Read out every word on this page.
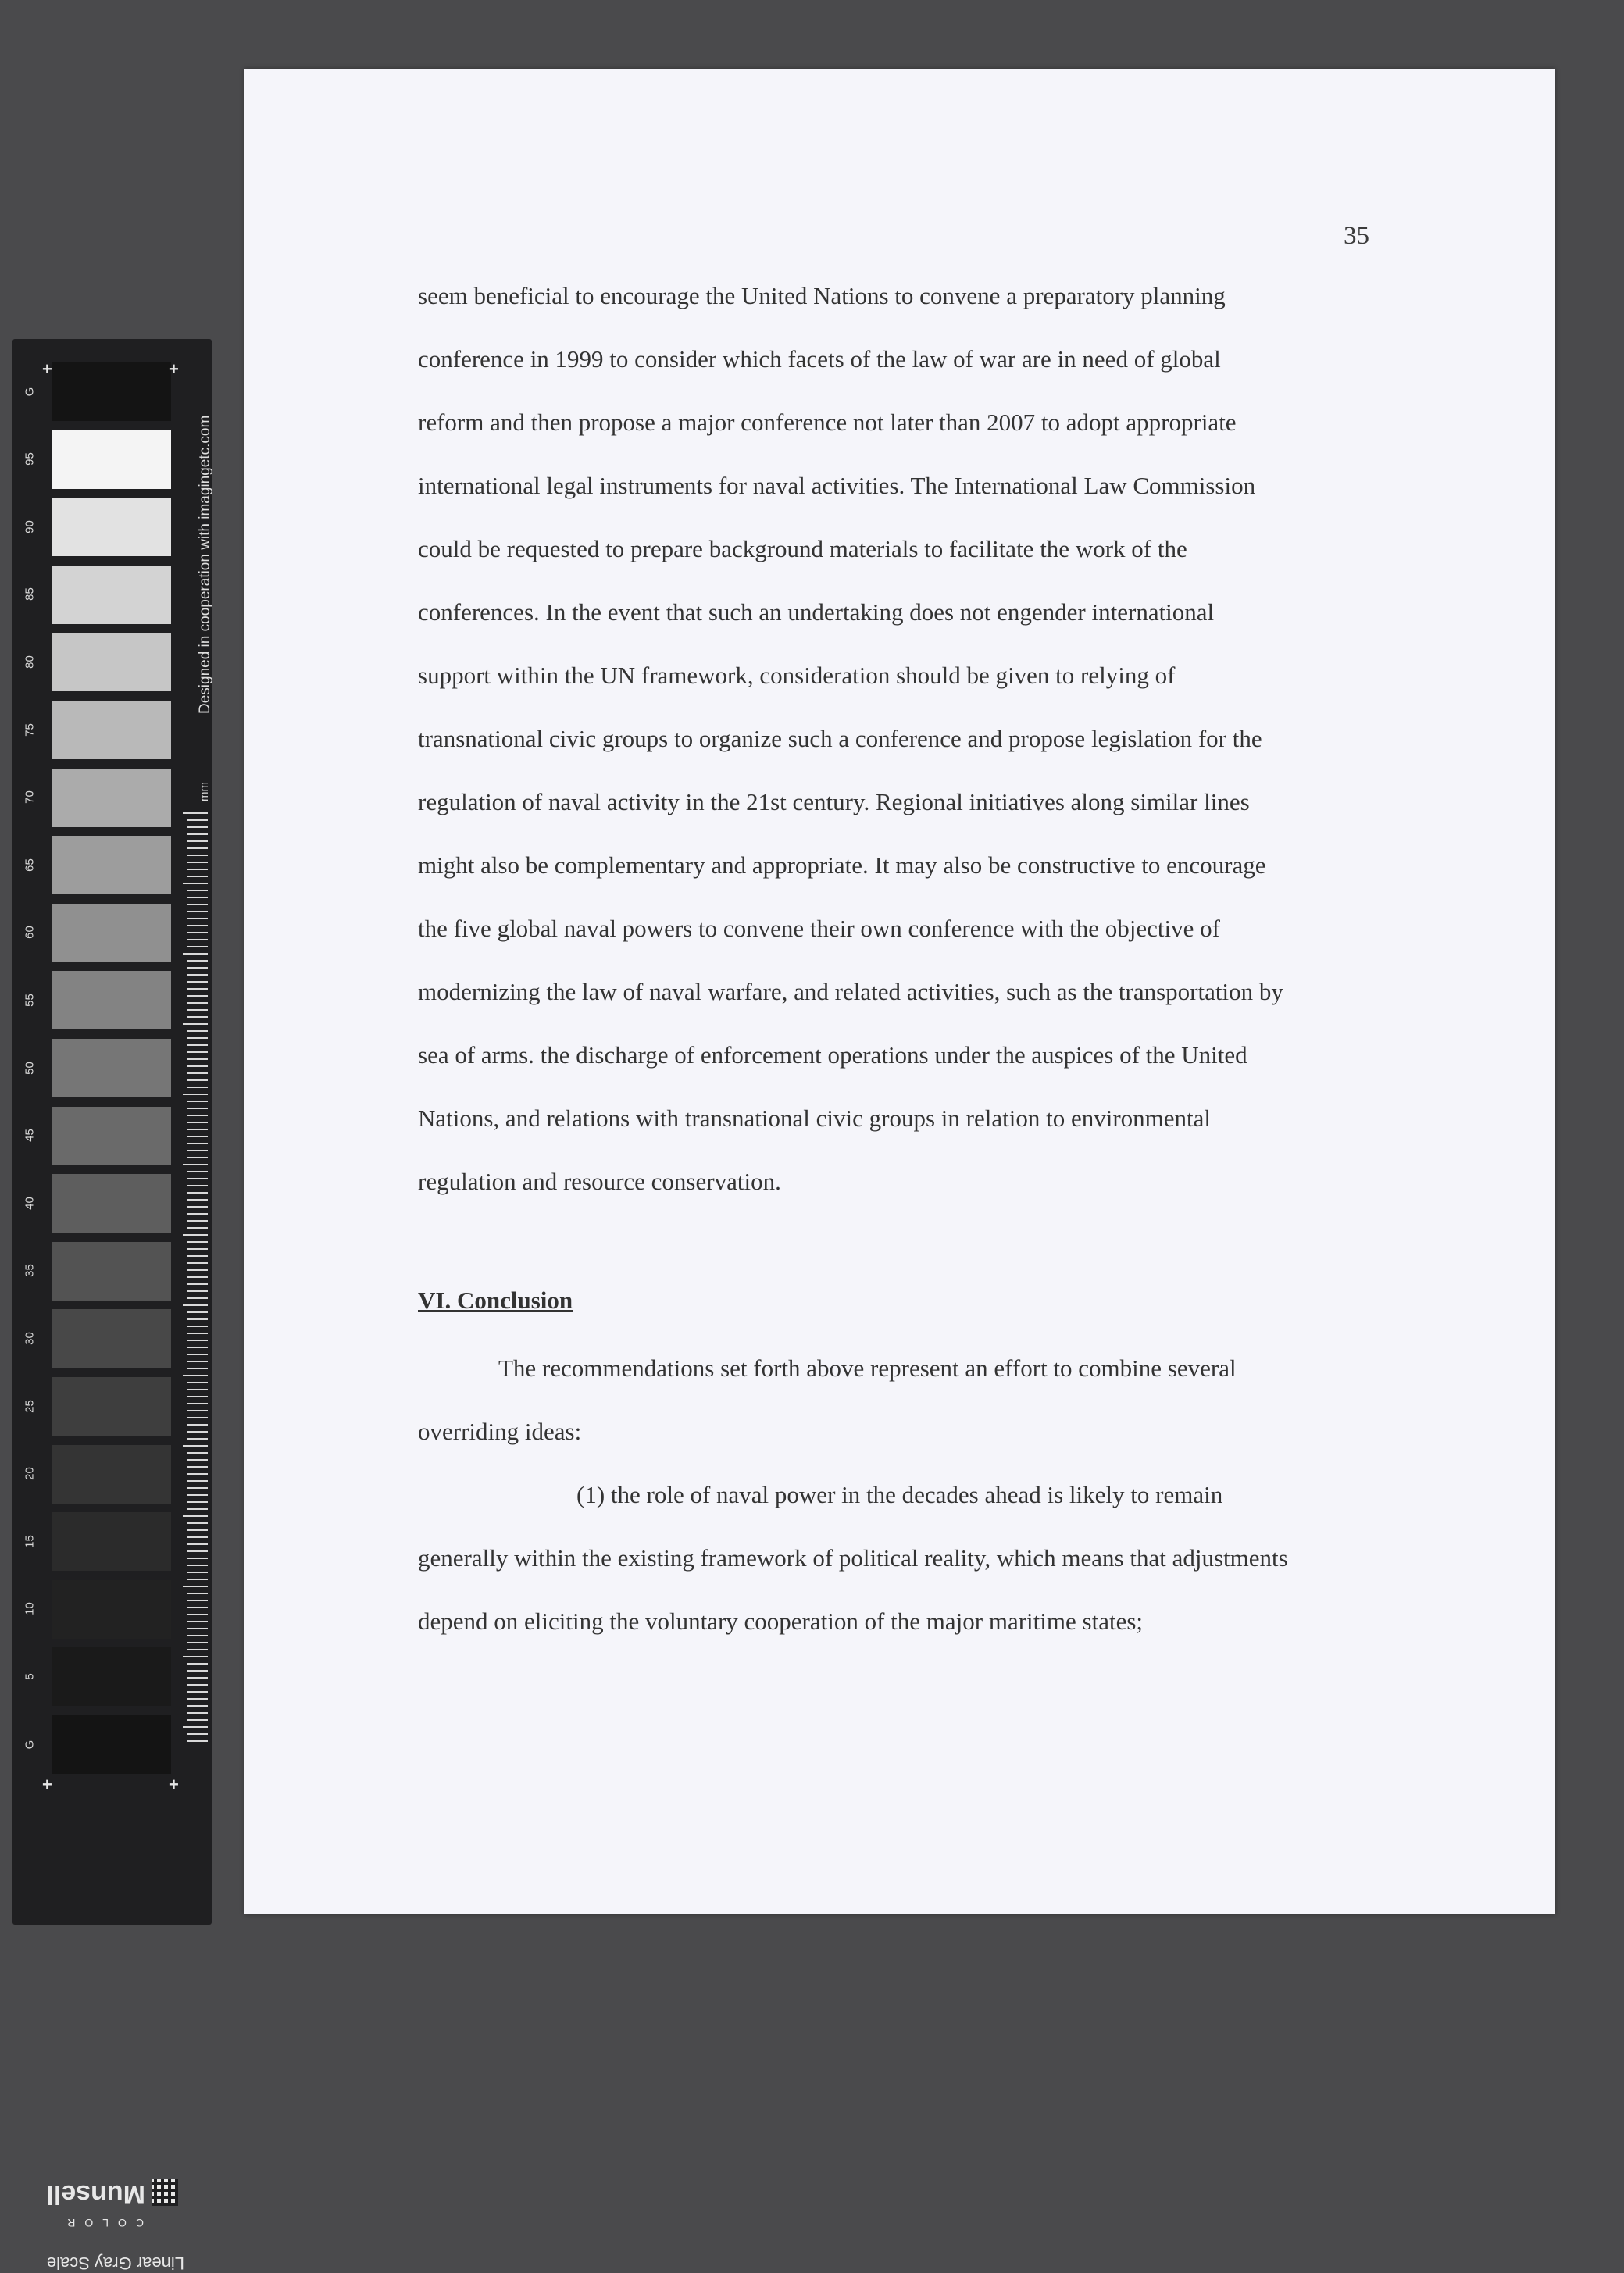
G
95
90
85
80
75
70
65
60
55
50
45
40
35
30
25
20
15
10
5
G
+	+
+	+
Designed in cooperation with imagingetc.com
mm
Munsell
COLOR
Linear Gray Scale
35

seem beneficial to encourage the United Nations to convene a preparatory planning
conference in 1999 to consider which facets of the law of war are in need of global
reform and then propose a major conference not later than 2007 to adopt appropriate
international legal instruments for naval activities. The International Law Commission
could be requested to prepare background materials to facilitate the work of the
conferences. In the event that such an undertaking does not engender international
support within the UN framework, consideration should be given to relying of
transnational civic groups to organize such a conference and propose legislation for the
regulation of naval activity in the 21st century. Regional initiatives along similar lines
might also be complementary and appropriate. It may also be constructive to encourage
the five global naval powers to convene their own conference with the objective of
modernizing the law of naval warfare, and related activities, such as the transportation by
sea of arms. the discharge of enforcement operations under the auspices of the United
Nations, and relations with transnational civic groups in relation to environmental
regulation and resource conservation.

VI. Conclusion

The recommendations set forth above represent an effort to combine several
overriding ideas:

(1) the role of naval power in the decades ahead is likely to remain
generally within the existing framework of political reality, which means that adjustments
depend on eliciting the voluntary cooperation of the major maritime states;
